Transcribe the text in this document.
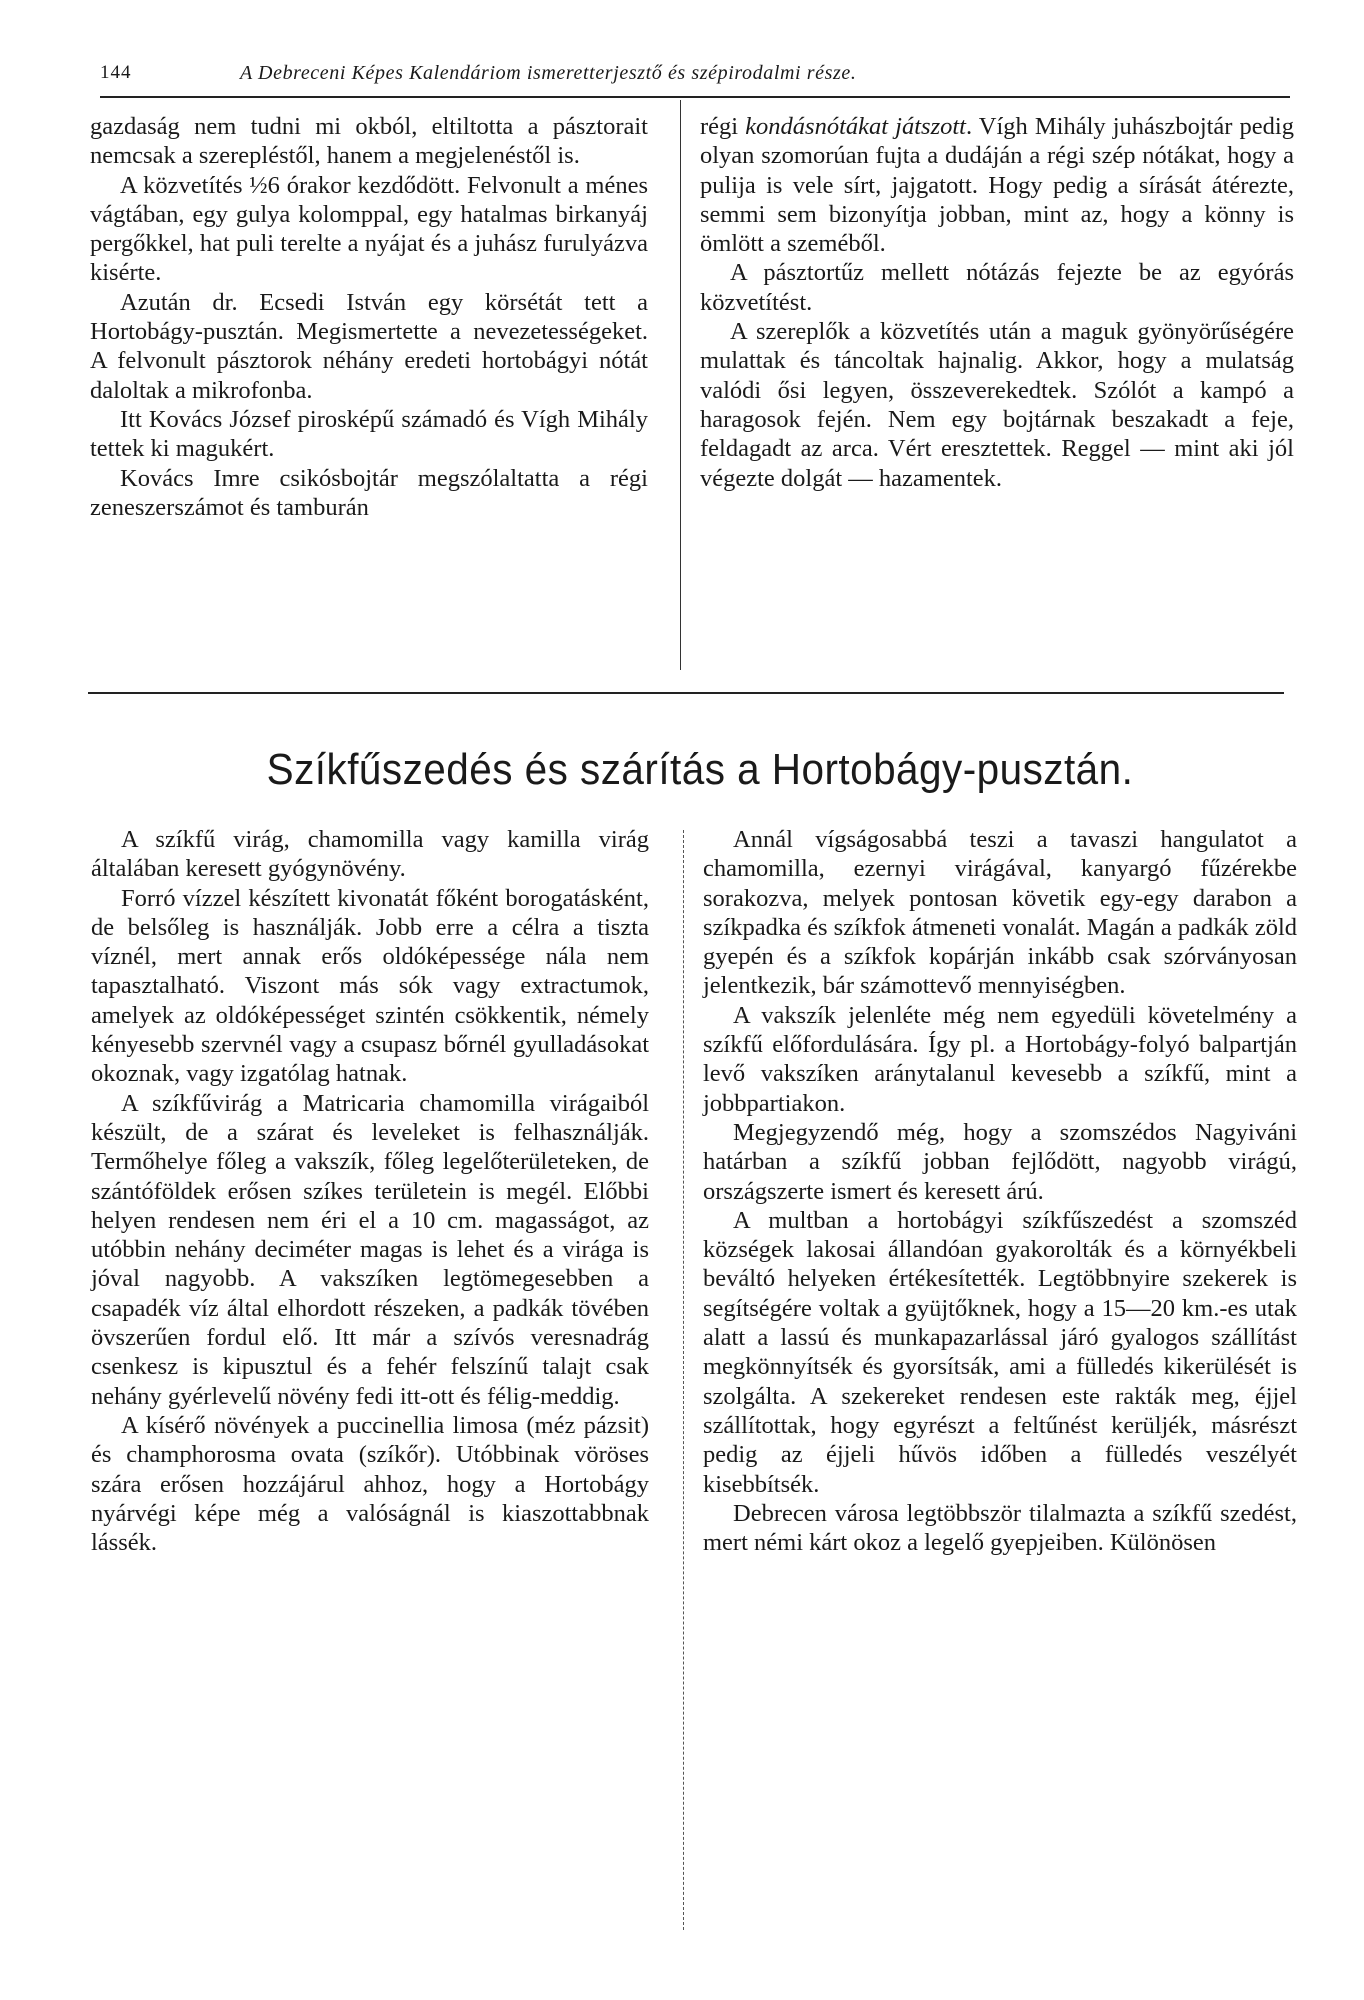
144	A Debreceni Képes Kalendáriom ismeretterjesztő és szépirodalmi része.

gazdaság nem tudni mi okból, eltiltotta a pásztorait nemcsak a szerepléstől, hanem a megjelenéstől is.

A közvetítés ½6 órakor kezdődött. Felvonult a ménes vágtában, egy gulya kolomppal, egy hatalmas birkanyáj pergőkkel, hat puli terelte a nyájat és a juhász furulyázva kisérte.

Azután dr. Ecsedi István egy körsétát tett a Hortobágy-pusztán. Megismertette a nevezetességeket. A felvonult pásztorok néhány eredeti hortobágyi nótát daloltak a mikrofonba.

Itt Kovács József pirosképű számadó és Vígh Mihály tettek ki magukért.

Kovács Imre csikósbojtár megszólaltatta a régi zeneszerszámot és tamburán

régi kondásnótákat játszott. Vígh Mihály juhászbojtár pedig olyan szomorúan fujta a dudáján a régi szép nótákat, hogy a pulija is vele sírt, jajgatott. Hogy pedig a sírását átérezte, semmi sem bizonyítja jobban, mint az, hogy a könny is ömlött a szeméből.

A pásztortűz mellett nótázás fejezte be az egyórás közvetítést.

A szereplők a közvetítés után a maguk gyönyörűségére mulattak és táncoltak hajnalig. Akkor, hogy a mulatság valódi ősi legyen, összeverekedtek. Szólót a kampó a haragosok fején. Nem egy bojtárnak beszakadt a feje, feldagadt az arca. Vért eresztettek. Reggel — mint aki jól végezte dolgát — hazamentek.

Szíkfűszedés és szárítás a Hortobágy-pusztán.

A szíkfű virág, chamomilla vagy kamilla virág általában keresett gyógynövény.

Forró vízzel készített kivonatát főként borogatásként, de belsőleg is használják. Jobb erre a célra a tiszta víznél, mert annak erős oldóképessége nála nem tapasztalható. Viszont más sók vagy extractumok, amelyek az oldóképességet szintén csökkentik, némely kényesebb szervnél vagy a csupasz bőrnél gyulladásokat okoznak, vagy izgatólag hatnak.

A szíkfűvirág a Matricaria chamomilla virágaiból készült, de a szárat és leveleket is felhasználják. Termőhelye főleg a vakszík, főleg legelőterületeken, de szántóföldek erősen szíkes területein is megél. Előbbi helyen rendesen nem éri el a 10 cm. magasságot, az utóbbin nehány deciméter magas is lehet és a virága is jóval nagyobb. A vakszíken legtömegesebben a csapadék víz által elhordott részeken, a padkák tövében övszerűen fordul elő. Itt már a szívós veresnadrág csenkesz is kipusztul és a fehér felszínű talajt csak nehány gyérlevelű növény fedi itt-ott és félig-meddig.

A kísérő növények a puccinellia limosa (méz pázsit) és champhorosma ovata (szíkőr). Utóbbinak vöröses szára erősen hozzájárul ahhoz, hogy a Hortobágy nyárvégi képe még a valóságnál is kiaszottabbnak lássék.

Annál vígságosabbá teszi a tavaszi hangulatot a chamomilla, ezernyi virágával, kanyargó fűzérekbe sorakozva, melyek pontosan követik egy-egy darabon a szíkpadka és szíkfok átmeneti vonalát. Magán a padkák zöld gyepén és a szíkfok kopárján inkább csak szórványosan jelentkezik, bár számottevő mennyiségben.

A vakszík jelenléte még nem egyedüli követelmény a szíkfű előfordulására. Így pl. a Hortobágy-folyó balpartján levő vakszíken aránytalanul kevesebb a szíkfű, mint a jobbpartiakon.

Megjegyzendő még, hogy a szomszédos Nagyiváni határban a szíkfű jobban fejlődött, nagyobb virágú, országszerte ismert és keresett árú.

A multban a hortobágyi szíkfűszedést a szomszéd községek lakosai állandóan gyakorolták és a környékbeli beváltó helyeken értékesítették. Legtöbbnyire szekerek is segítségére voltak a gyüjtőknek, hogy a 15—20 km.-es utak alatt a lassú és munkapazarlással járó gyalogos szállítást megkönnyítsék és gyorsítsák, ami a fülledés kikerülését is szolgálta. A szekereket rendesen este rakták meg, éjjel szállítottak, hogy egyrészt a feltűnést kerüljék, másrészt pedig az éjjeli hűvös időben a fülledés veszélyét kisebbítsék.

Debrecen városa legtöbbször tilalmazta a szíkfű szedést, mert némi kárt okoz a legelő gyepjeiben. Különösen
